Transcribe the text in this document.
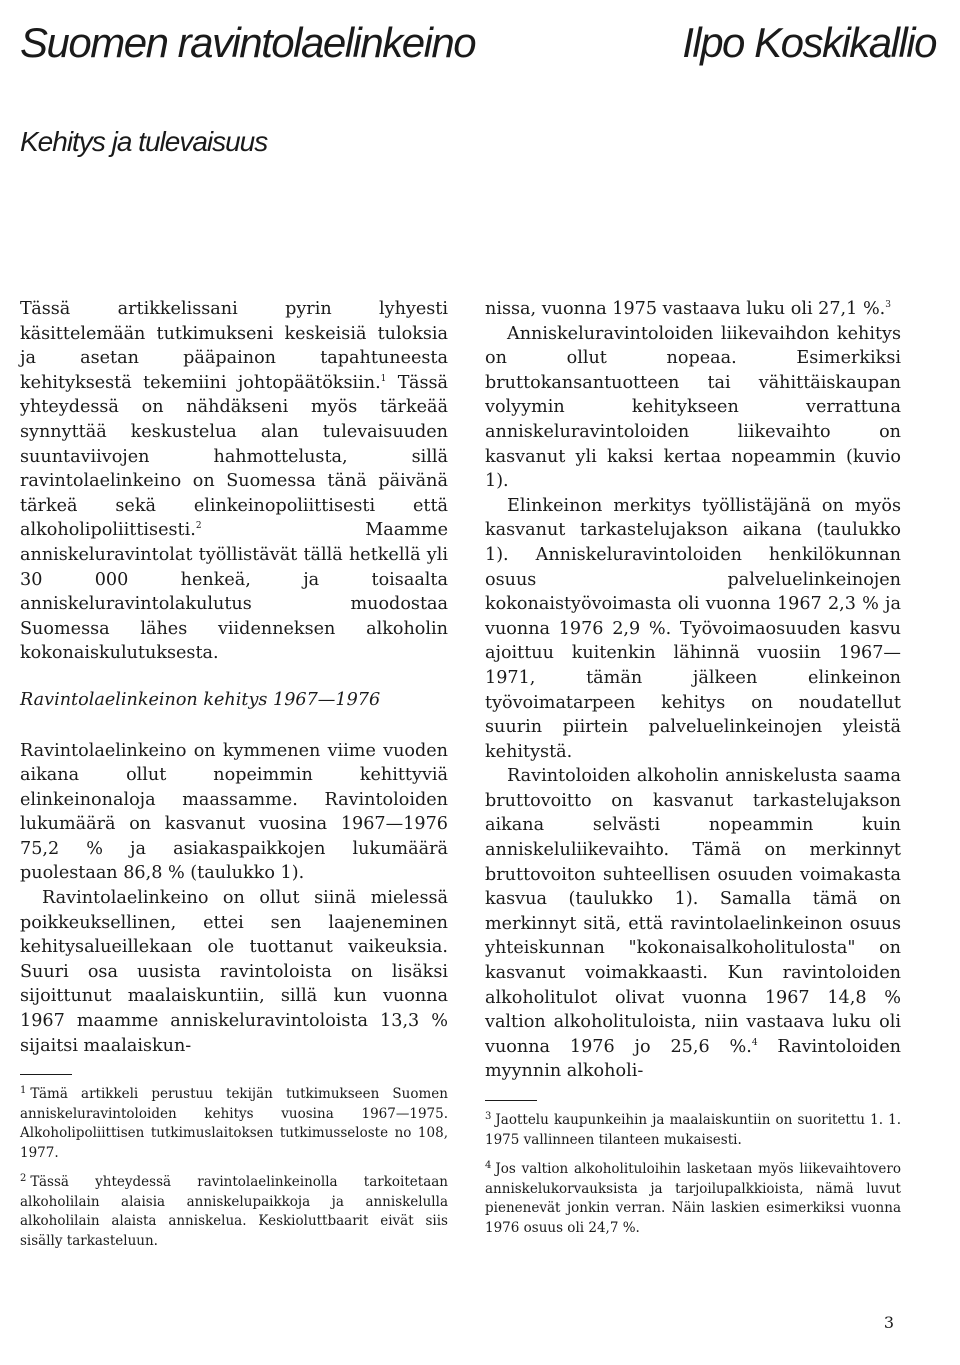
Suomen ravintolaelinkeino	Ilpo Koskikallio
Kehitys ja tulevaisuus

Tässä artikkelissani pyrin lyhyesti käsittelemään tutkimukseni keskeisiä tuloksia ja asetan pääpainon tapahtuneesta kehityksestä tekemiini johtopäätöksiin.$^1$ Tässä yhteydessä on nähdäkseni myös tärkeää synnyttää keskustelua alan tulevaisuuden suuntaviivojen hahmottelusta, sillä ravintolaelinkeino on Suomessa tänä päivänä tärkeä sekä elinkeinopoliittisesti että alkoholipoliittisesti.$^2$ Maamme anniskeluravintolat työllistävät tällä hetkellä yli 30 000 henkeä, ja toisaalta anniskeluravintolakulutus muodostaa Suomessa lähes viidenneksen alkoholin kokonaiskulutuksesta.

Ravintolaelinkeinon kehitys 1967—1976

Ravintolaelinkeino on kymmenen viime vuoden aikana ollut nopeimmin kehittyviä elinkeinonaloja maassamme. Ravintoloiden lukumäärä on kasvanut vuosina 1967—1976 75,2 % ja asiakaspaikkojen lukumäärä puolestaan 86,8 % (taulukko 1).

Ravintolaelinkeino on ollut siinä mielessä poikkeuksellinen, ettei sen laajeneminen kehitysalueillekaan ole tuottanut vaikeuksia. Suuri osa uusista ravintoloista on lisäksi sijoittunut maalaiskuntiin, sillä kun vuonna 1967 maamme anniskeluravintoloista 13,3 % sijaitsi maalaiskun-

$^1$ Tämä artikkeli perustuu tekijän tutkimukseen Suomen anniskeluravintoloiden kehitys vuosina 1967—1975. Alkoholipoliittisen tutkimuslaitoksen tutkimusseloste no 108, 1977.

$^2$ Tässä yhteydessä ravintolaelinkeinolla tarkoitetaan alkoholilain alaisia anniskelupaikkoja ja anniskelulla alkoholilain alaista anniskelua. Keskioluttbaarit eivät siis sisälly tarkasteluun.

nissa, vuonna 1975 vastaava luku oli 27,1 %.$^3$

Anniskeluravintoloiden liikevaihdon kehitys on ollut nopeaa. Esimerkiksi bruttokansantuotteen tai vähittäiskaupan volyymin kehitykseen verrattuna anniskeluravintoloiden liikevaihto on kasvanut yli kaksi kertaa nopeammin (kuvio 1).

Elinkeinon merkitys työllistäjänä on myös kasvanut tarkastelujakson aikana (taulukko 1). Anniskeluravintoloiden henkilökunnan osuus palveluelinkeinojen kokonaistyövoimasta oli vuonna 1967 2,3 % ja vuonna 1976 2,9 %. Työvoimaosuuden kasvu ajoittuu kuitenkin lähinnä vuosiin 1967—1971, tämän jälkeen elinkeinon työvoimatarpeen kehitys on noudatellut suurin piirtein palveluelinkeinojen yleistä kehitystä.

Ravintoloiden alkoholin anniskelusta saama bruttovoitto on kasvanut tarkastelujakson aikana selvästi nopeammin kuin anniskeluliikevaihto. Tämä on merkinnyt bruttovoiton suhteellisen osuuden voimakasta kasvua (taulukko 1). Samalla tämä on merkinnyt sitä, että ravintolaelinkeinon osuus yhteiskunnan "kokonaisalkoholitulosta" on kasvanut voimakkaasti. Kun ravintoloiden alkoholitulot olivat vuonna 1967 14,8 % valtion alkoholituloista, niin vastaava luku oli vuonna 1976 jo 25,6 %.$^4$ Ravintoloiden myynnin alkoholi-

$^3$ Jaottelu kaupunkeihin ja maalaiskuntiin on suoritettu 1. 1. 1975 vallinneen tilanteen mukaisesti.

$^4$ Jos valtion alkoholituloihin lasketaan myös liikevaihtovero anniskelukorvauksista ja tarjoilupalkkioista, nämä luvut pienenevät jonkin verran. Näin laskien esimerkiksi vuonna 1976 osuus oli 24,7 %.

3
